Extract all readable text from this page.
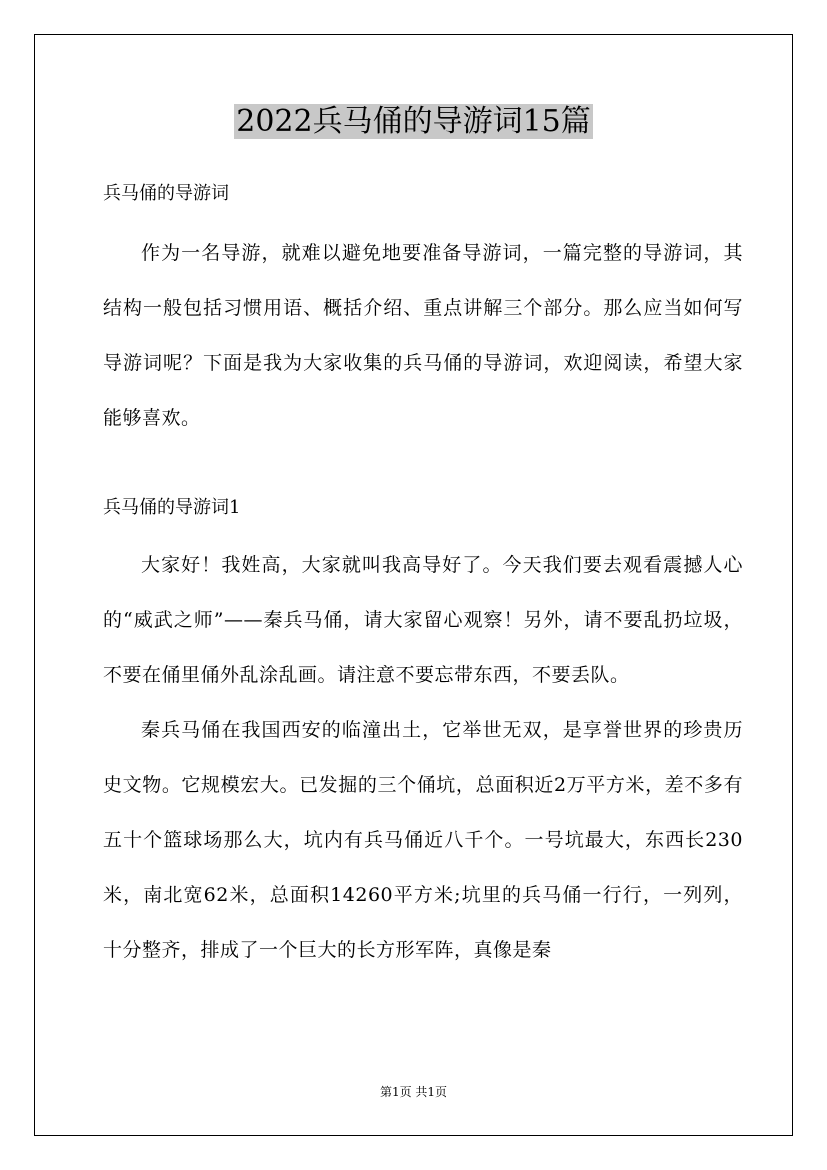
2022兵马俑的导游词15篇

兵马俑的导游词

作为一名导游，就难以避免地要准备导游词，一篇完整的导游词，其结构一般包括习惯用语、概括介绍、重点讲解三个部分。那么应当如何写导游词呢？下面是我为大家收集的兵马俑的导游词，欢迎阅读，希望大家能够喜欢。

兵马俑的导游词1

大家好！我姓高，大家就叫我高导好了。今天我们要去观看震撼人心的“威武之师”——秦兵马俑，请大家留心观察！另外，请不要乱扔垃圾，不要在俑里俑外乱涂乱画。请注意不要忘带东西，不要丢队。

秦兵马俑在我国西安的临潼出土，它举世无双，是享誉世界的珍贵历史文物。它规模宏大。已发掘的三个俑坑，总面积近2万平方米，差不多有五十个篮球场那么大，坑内有兵马俑近八千个。一号坑最大，东西长230米，南北宽62米，总面积14260平方米;坑里的兵马俑一行行，一列列，十分整齐，排成了一个巨大的长方形军阵，真像是秦

第1页 共1页
